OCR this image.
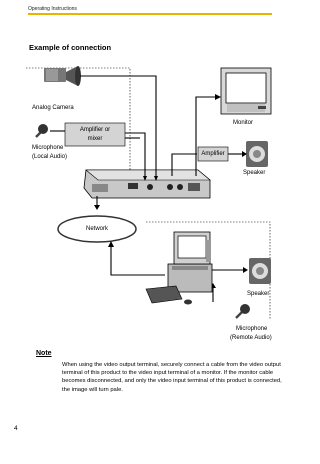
Operating Instructions
Example of connection
Analog Camera
Microphone
(Local Audio)
Amplifier or
mixer
Monitor
Amplifier
Speaker
Network
Speaker
Microphone
(Remote Audio)
Note
When using the video output terminal, securely connect a cable from the video output terminal of this product to the video input terminal of a monitor. If the monitor cable becomes disconnected, and only the video input terminal of this product is connected, the image will turn pale.
4
